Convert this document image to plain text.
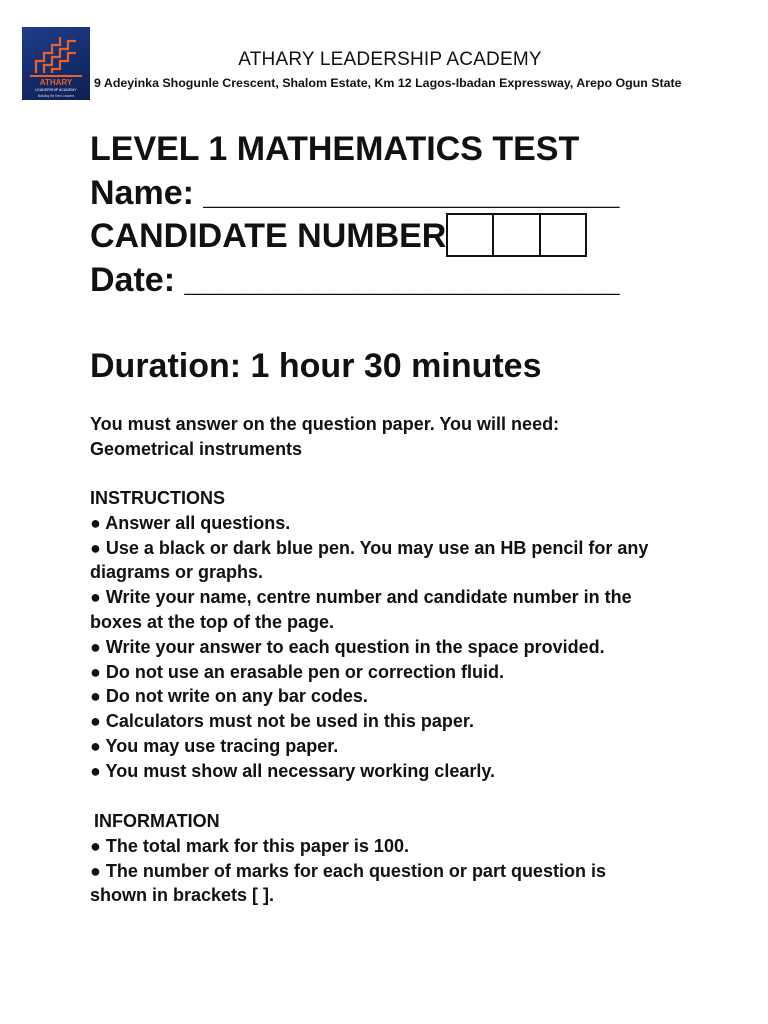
ATHARY
LEADERSHIP ACADEMY
Building the Next Leaders
ATHARY LEADERSHIP ACADEMY
9 Adeyinka Shogunle Crescent, Shalom Estate, Km 12 Lagos-Ibadan Expressway, Arepo Ogun State
LEVEL 1 MATHEMATICS TEST
Name: ______________________
CANDIDATE NUMBER
Date: _______________________
Duration: 1 hour 30 minutes
You must answer on the question paper. You will need:
Geometrical instruments
INSTRUCTIONS
● Answer all questions.
● Use a black or dark blue pen. You may use an HB pencil for any
diagrams or graphs.
● Write your name, centre number and candidate number in the
boxes at the top of the page.
● Write your answer to each question in the space provided.
● Do not use an erasable pen or correction fluid.
● Do not write on any bar codes.
● Calculators must not be used in this paper.
● You may use tracing paper.
● You must show all necessary working clearly.
INFORMATION
● The total mark for this paper is 100.
● The number of marks for each question or part question is
shown in brackets [ ].
